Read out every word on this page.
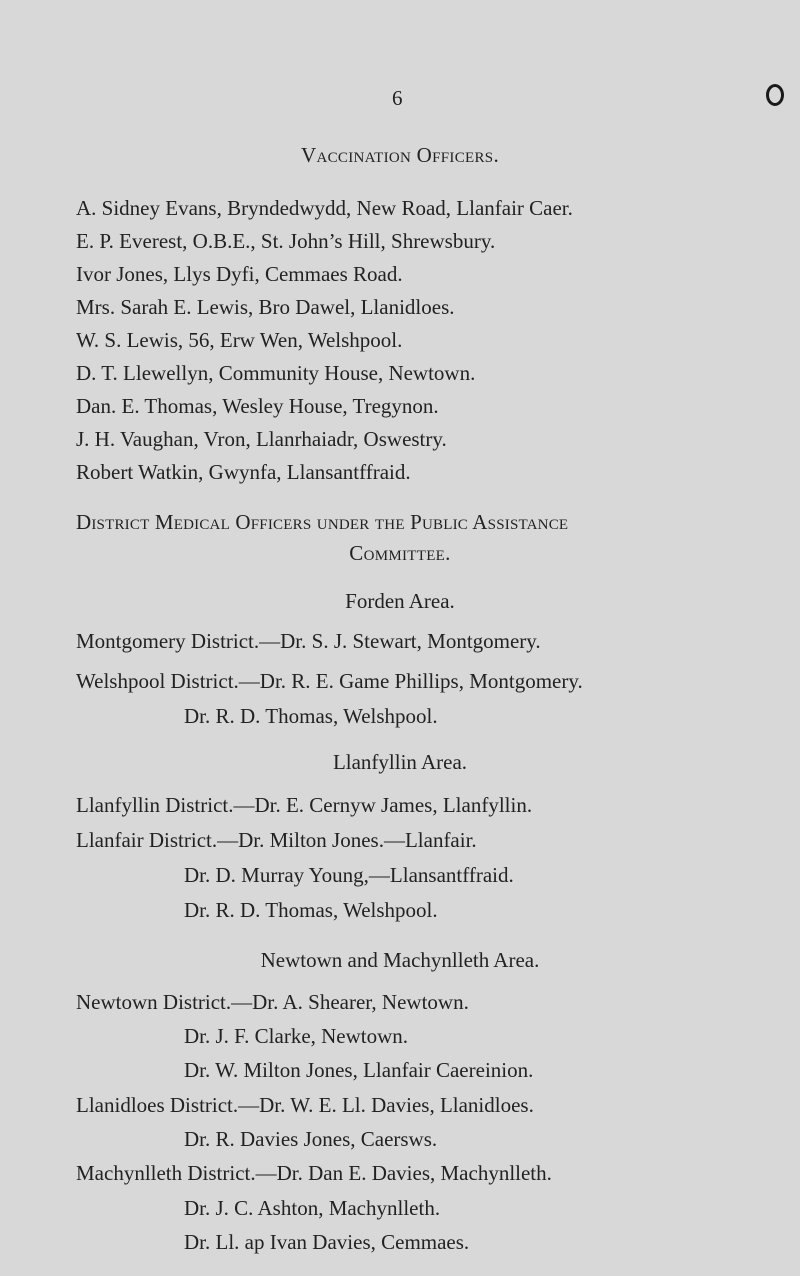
6
Vaccination Officers.
A. Sidney Evans, Bryndedwydd, New Road, Llanfair Caer.
E. P. Everest, O.B.E., St. John’s Hill, Shrewsbury.
Ivor Jones, Llys Dyfi, Cemmaes Road.
Mrs. Sarah E. Lewis, Bro Dawel, Llanidloes.
W. S. Lewis, 56, Erw Wen, Welshpool.
D. T. Llewellyn, Community House, Newtown.
Dan. E. Thomas, Wesley House, Tregynon.
J. H. Vaughan, Vron, Llanrhaiadr, Oswestry.
Robert Watkin, Gwynfa, Llansantffraid.
District Medical Officers under the Public Assistance
Committee.
Forden Area.
Montgomery District.—Dr. S. J. Stewart, Montgomery.
Welshpool District.—Dr. R. E. Game Phillips, Montgomery.
Dr. R. D. Thomas, Welshpool.
Llanfyllin Area.
Llanfyllin District.—Dr. E. Cernyw James, Llanfyllin.
Llanfair District.—Dr. Milton Jones.—Llanfair.
Dr. D. Murray Young,—Llansantffraid.
Dr. R. D. Thomas, Welshpool.
Newtown and Machynlleth Area.
Newtown District.—Dr. A. Shearer, Newtown.
Dr. J. F. Clarke, Newtown.
Dr. W. Milton Jones, Llanfair Caereinion.
Llanidloes District.—Dr. W. E. Ll. Davies, Llanidloes.
Dr. R. Davies Jones, Caersws.
Machynlleth District.—Dr. Dan E. Davies, Machynlleth.
Dr. J. C. Ashton, Machynlleth.
Dr. Ll. ap Ivan Davies, Cemmaes.
